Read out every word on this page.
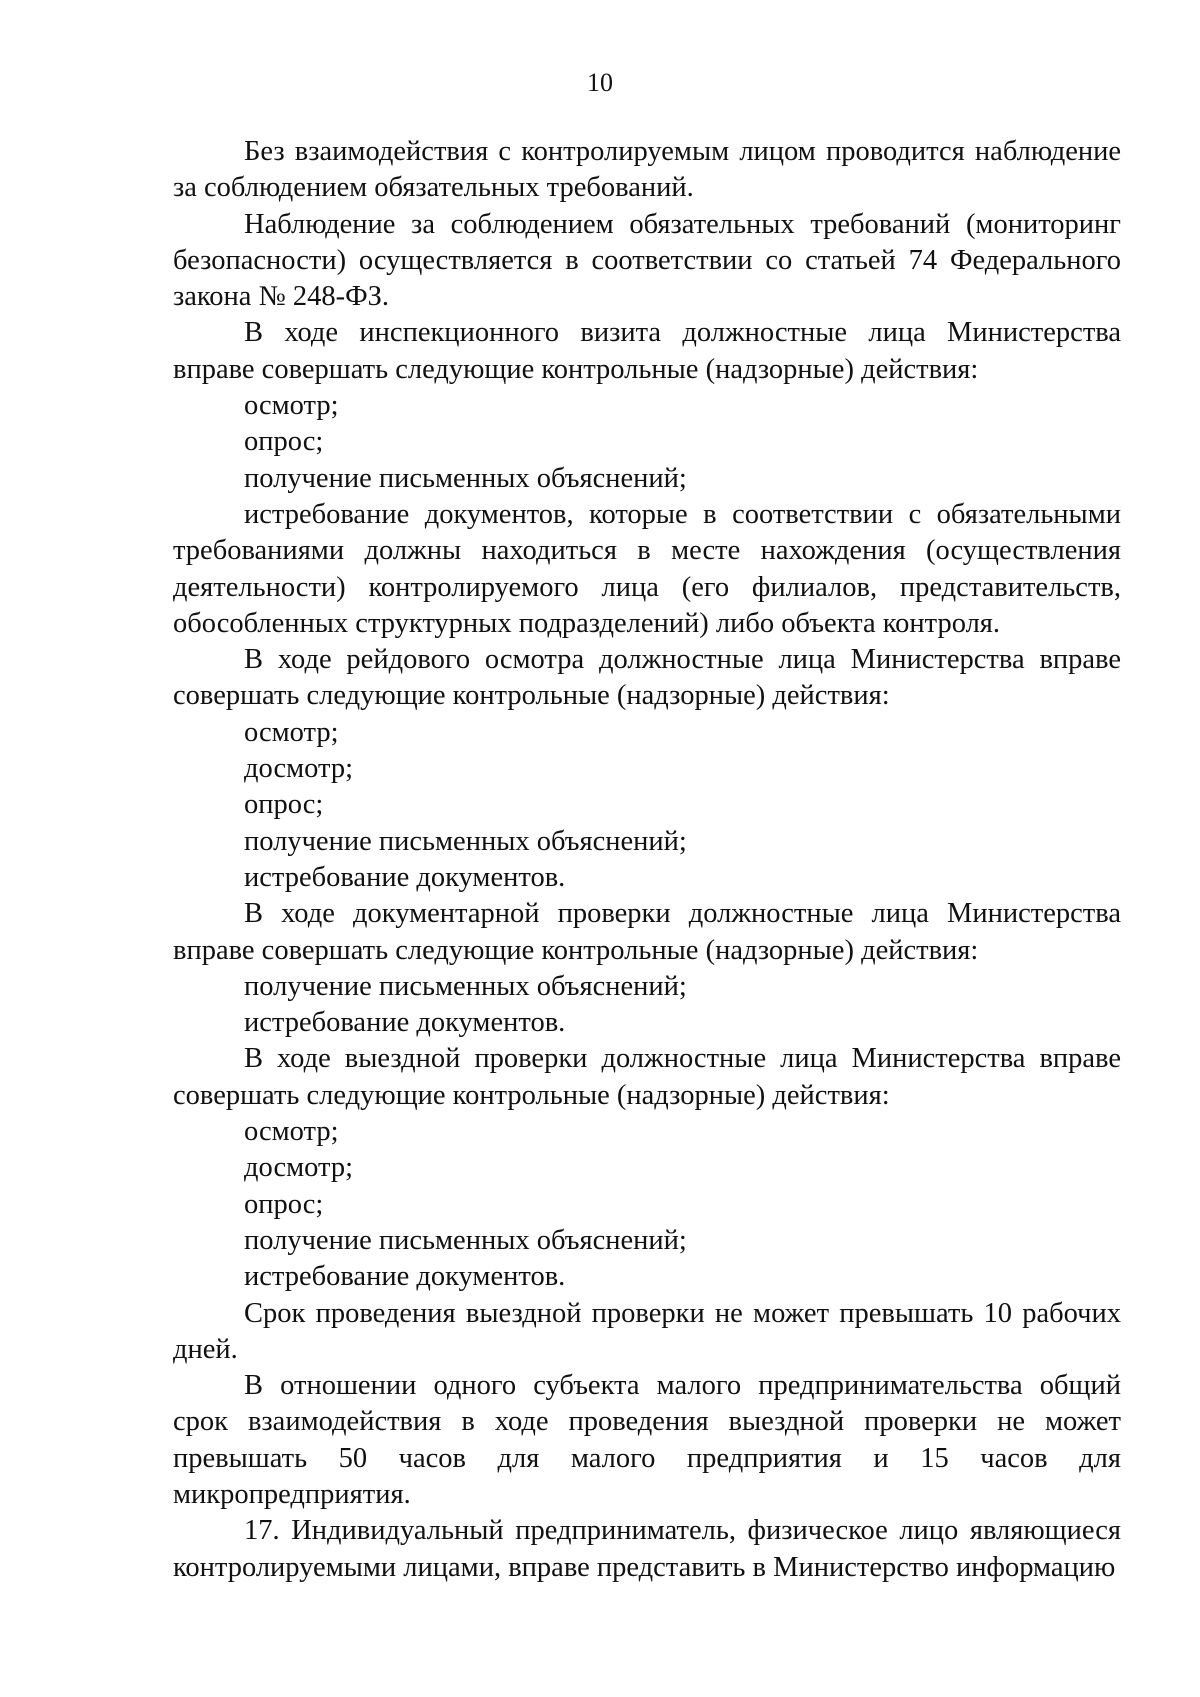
10

Без взаимодействия с контролируемым лицом проводится наблюдение за соблюдением обязательных требований.

Наблюдение за соблюдением обязательных требований (мониторинг безопасности) осуществляется в соответствии со статьей 74 Федерального закона № 248-ФЗ.

В ходе инспекционного визита должностные лица Министерства вправе совершать следующие контрольные (надзорные) действия:

осмотр;

опрос;

получение письменных объяснений;

истребование документов, которые в соответствии с обязательными требованиями должны находиться в месте нахождения (осуществления деятельности) контролируемого лица (его филиалов, представительств, обособленных структурных подразделений) либо объекта контроля.

В ходе рейдового осмотра должностные лица Министерства вправе совершать следующие контрольные (надзорные) действия:

осмотр;

досмотр;

опрос;

получение письменных объяснений;

истребование документов.

В ходе документарной проверки должностные лица Министерства вправе совершать следующие контрольные (надзорные) действия:

получение письменных объяснений;

истребование документов.

В ходе выездной проверки должностные лица Министерства вправе совершать следующие контрольные (надзорные) действия:

осмотр;

досмотр;

опрос;

получение письменных объяснений;

истребование документов.

Срок проведения выездной проверки не может превышать 10 рабочих дней.

В отношении одного субъекта малого предпринимательства общий срок взаимодействия в ходе проведения выездной проверки не может превышать 50 часов для малого предприятия и 15 часов для микропредприятия.

17. Индивидуальный предприниматель, физическое лицо являющиеся контролируемыми лицами, вправе представить в Министерство информацию
